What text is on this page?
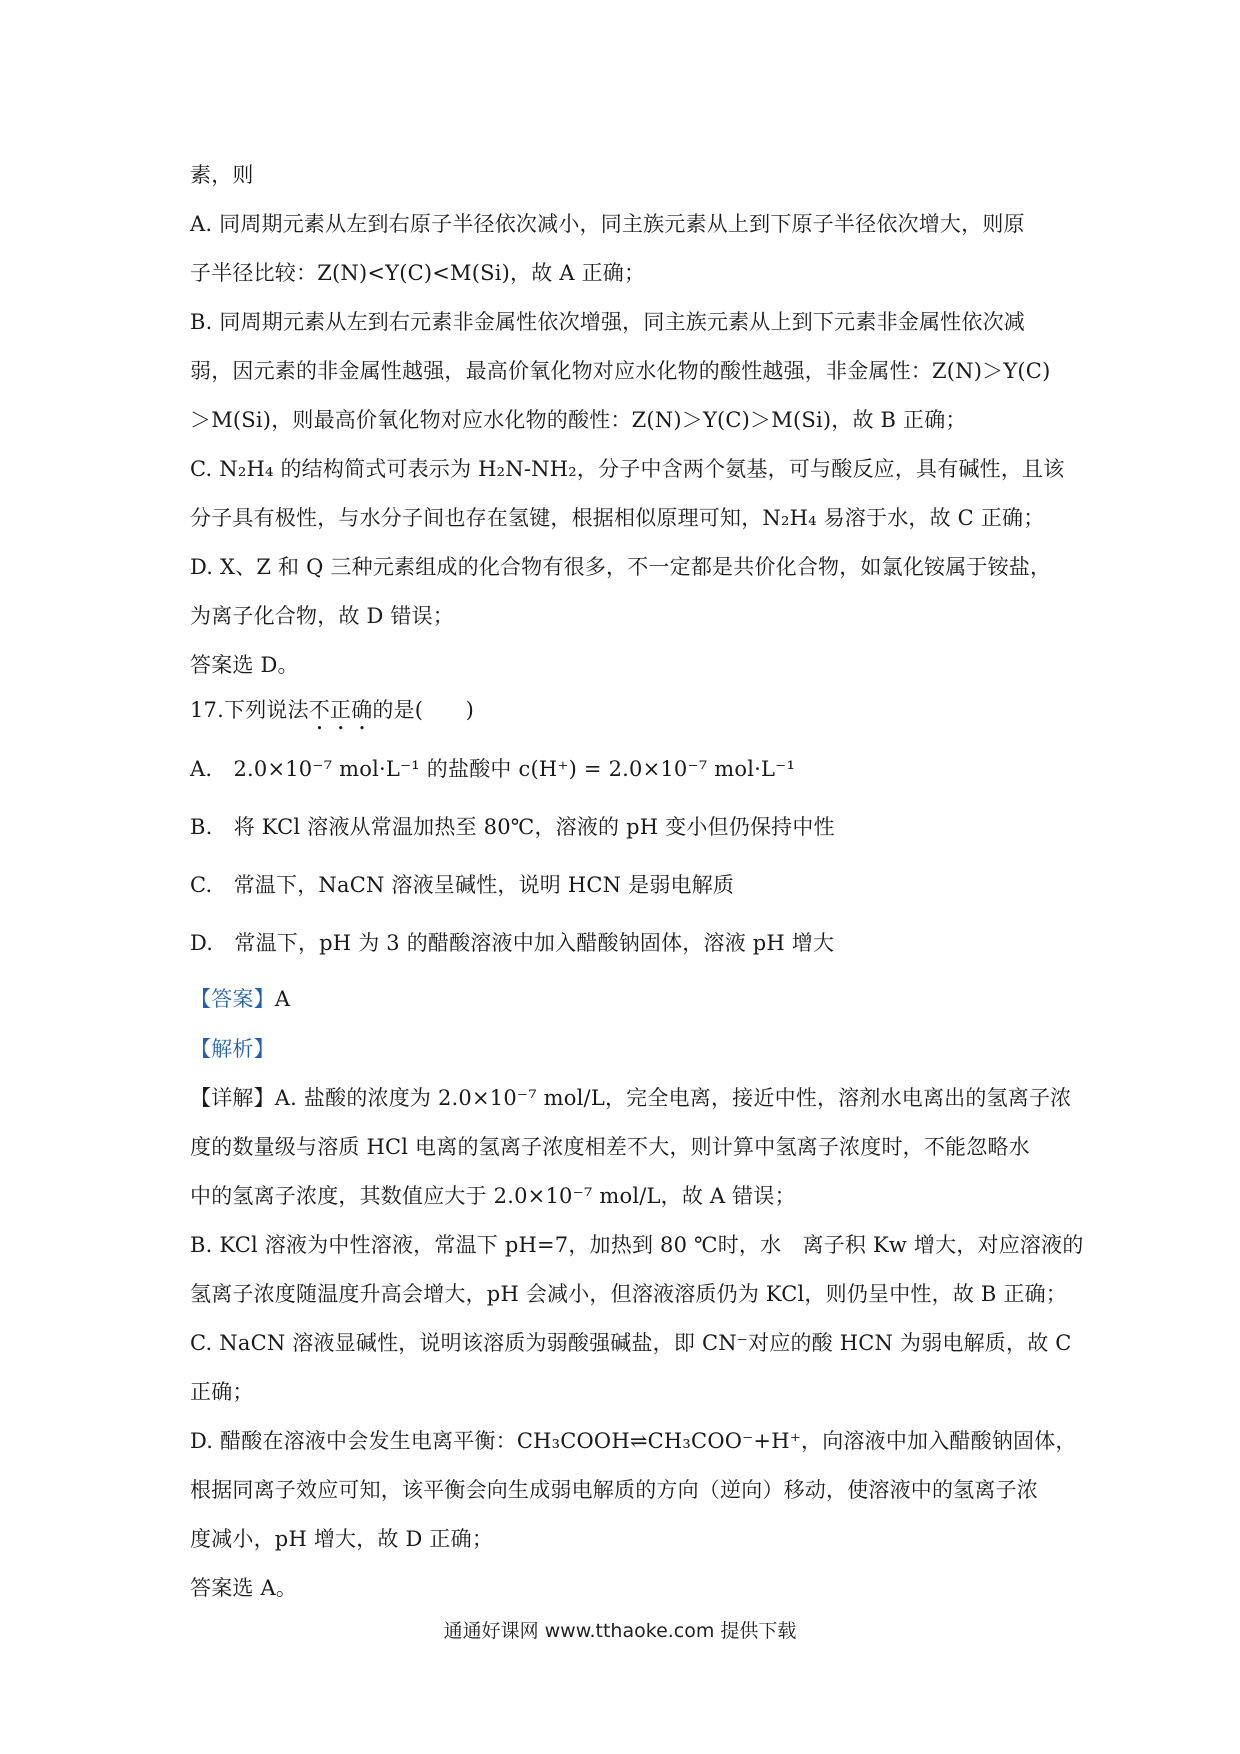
素，则
A. 同周期元素从左到右原子半径依次减小，同主族元素从上到下原子半径依次增大，则原
子半径比较：Z(N)<Y(C)<M(Si)，故 A 正确；
B. 同周期元素从左到右元素非金属性依次增强，同主族元素从上到下元素非金属性依次减
弱，因元素的非金属性越强，最高价氧化物对应水化物的酸性越强，非金属性：Z(N)＞Y(C)
＞M(Si)，则最高价氧化物对应水化物的酸性：Z(N)＞Y(C)＞M(Si)，故 B 正确；
C. N₂H₄ 的结构简式可表示为 H₂N-NH₂，分子中含两个氨基，可与酸反应，具有碱性，且该
分子具有极性，与水分子间也存在氢键，根据相似原理可知，N₂H₄ 易溶于水，故 C 正确；
D. X、Z 和 Q 三种元素组成的化合物有很多，不一定都是共价化合物，如氯化铵属于铵盐，
为离子化合物，故 D 错误；
答案选 D。
17.下列说法不正确的是(　　)
A.　2.0×10⁻⁷ mol·L⁻¹ 的盐酸中 c(H⁺) = 2.0×10⁻⁷ mol·L⁻¹
B.　将 KCl 溶液从常温加热至 80℃，溶液的 pH 变小但仍保持中性
C.　常温下，NaCN 溶液呈碱性，说明 HCN 是弱电解质
D.　常温下，pH 为 3 的醋酸溶液中加入醋酸钠固体，溶液 pH 增大
【答案】A
【解析】
【详解】A. 盐酸的浓度为 2.0×10⁻⁷ mol/L，完全电离，接近中性，溶剂水电离出的氢离子浓
度的数量级与溶质 HCl 电离的氢离子浓度相差不大，则计算中氢离子浓度时，不能忽略水
中的氢离子浓度，其数值应大于 2.0×10⁻⁷ mol/L，故 A 错误；
B. KCl 溶液为中性溶液，常温下 pH=7，加热到 80 ℃时，水　离子积 Kw 增大，对应溶液的
氢离子浓度随温度升高会增大，pH 会减小，但溶液溶质仍为 KCl，则仍呈中性，故 B 正确；
C. NaCN 溶液显碱性，说明该溶质为弱酸强碱盐，即 CN⁻对应的酸 HCN 为弱电解质，故 C
正确；
D. 醋酸在溶液中会发生电离平衡：CH₃COOH⇌CH₃COO⁻+H⁺，向溶液中加入醋酸钠固体，
根据同离子效应可知，该平衡会向生成弱电解质的方向（逆向）移动，使溶液中的氢离子浓
度减小，pH 增大，故 D 正确；
答案选 A。
通通好课网 www.tthaoke.com 提供下载
